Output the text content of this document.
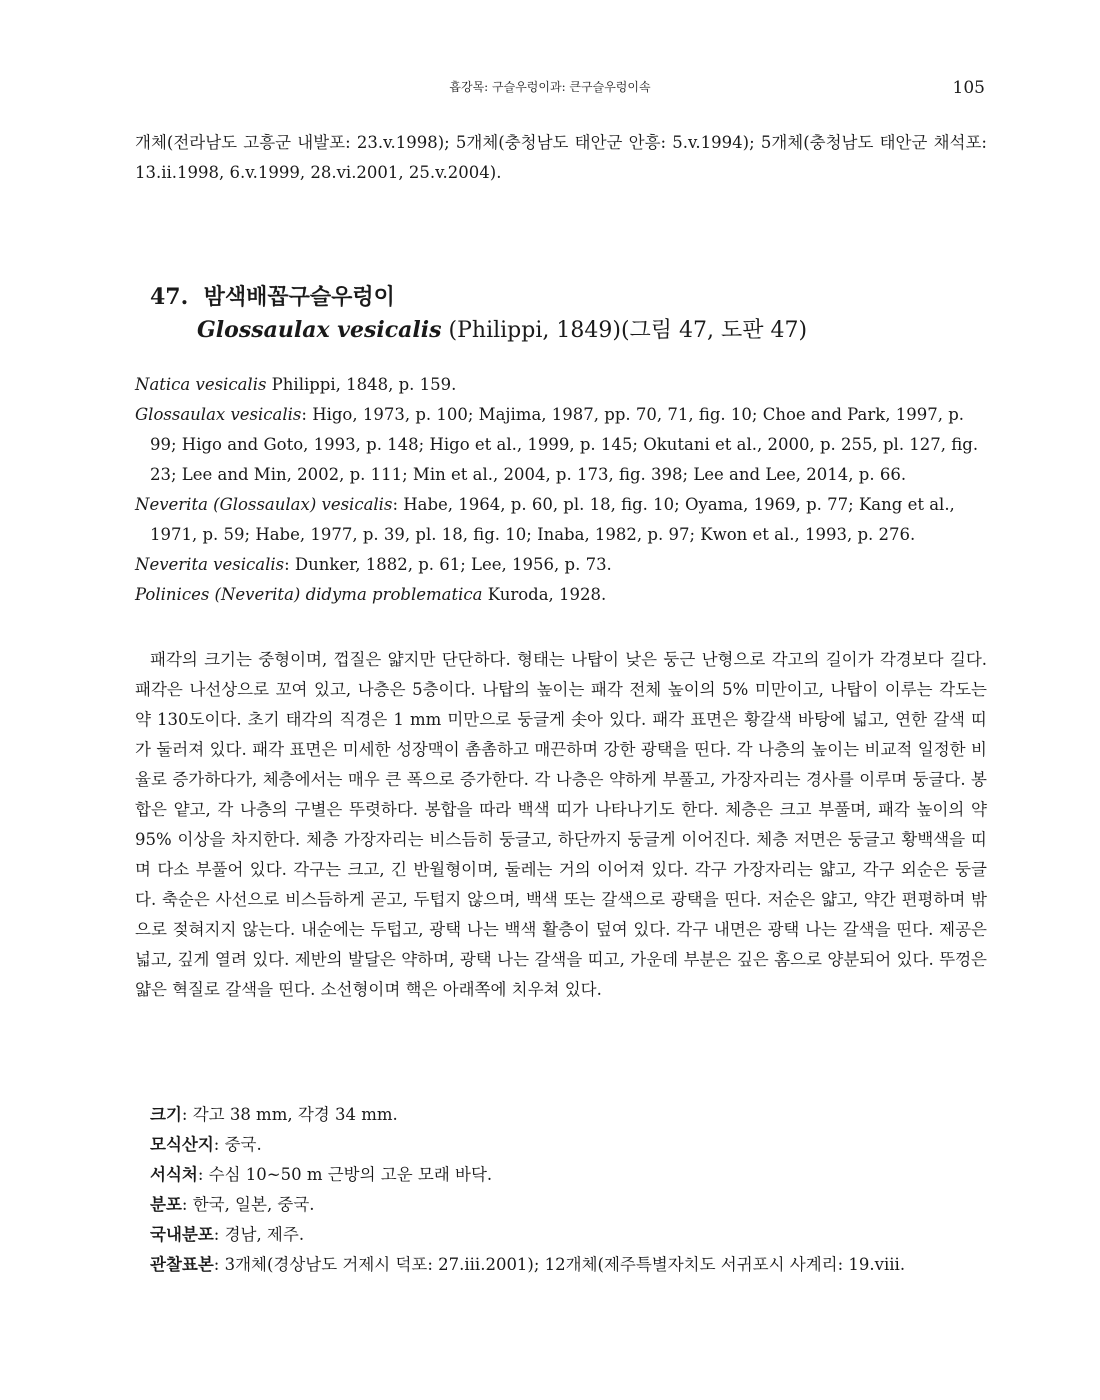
흡강목: 구슬우렁이과: 큰구슬우렁이속	105
개체(전라남도 고흥군 내발포: 23.v.1998); 5개체(충청남도 태안군 안흥: 5.v.1994); 5개체(충청남도 태안군 채석포: 13.ii.1998, 6.v.1999, 28.vi.2001, 25.v.2004).
47. 밤색배꼽구슬우렁이
Glossaulax vesicalis (Philippi, 1849)(그림 47, 도판 47)

Natica vesicalis Philippi, 1848, p. 159.

Glossaulax vesicalis: Higo, 1973, p. 100; Majima, 1987, pp. 70, 71, fig. 10; Choe and Park, 1997, p. 99; Higo and Goto, 1993, p. 148; Higo et al., 1999, p. 145; Okutani et al., 2000, p. 255, pl. 127, fig. 23; Lee and Min, 2002, p. 111; Min et al., 2004, p. 173, fig. 398; Lee and Lee, 2014, p. 66.

Neverita (Glossaulax) vesicalis: Habe, 1964, p. 60, pl. 18, fig. 10; Oyama, 1969, p. 77; Kang et al., 1971, p. 59; Habe, 1977, p. 39, pl. 18, fig. 10; Inaba, 1982, p. 97; Kwon et al., 1993, p. 276.

Neverita vesicalis: Dunker, 1882, p. 61; Lee, 1956, p. 73.

Polinices (Neverita) didyma problematica Kuroda, 1928.

패각의 크기는 중형이며, 껍질은 얇지만 단단하다. 형태는 나탑이 낮은 둥근 난형으로 각고의 길이가 각경보다 길다. 패각은 나선상으로 꼬여 있고, 나층은 5층이다. 나탑의 높이는 패각 전체 높이의 5% 미만이고, 나탑이 이루는 각도는 약 130도이다. 초기 태각의 직경은 1 mm 미만으로 둥글게 솟아 있다. 패각 표면은 황갈색 바탕에 넓고, 연한 갈색 띠가 둘러져 있다. 패각 표면은 미세한 성장맥이 촘촘하고 매끈하며 강한 광택을 띤다. 각 나층의 높이는 비교적 일정한 비율로 증가하다가, 체층에서는 매우 큰 폭으로 증가한다. 각 나층은 약하게 부풀고, 가장자리는 경사를 이루며 둥글다. 봉합은 얕고, 각 나층의 구별은 뚜렷하다. 봉합을 따라 백색 띠가 나타나기도 한다. 체층은 크고 부풀며, 패각 높이의 약 95% 이상을 차지한다. 체층 가장자리는 비스듬히 둥글고, 하단까지 둥글게 이어진다. 체층 저면은 둥글고 황백색을 띠며 다소 부풀어 있다. 각구는 크고, 긴 반월형이며, 둘레는 거의 이어져 있다. 각구 가장자리는 얇고, 각구 외순은 둥글다. 축순은 사선으로 비스듬하게 곧고, 두텁지 않으며, 백색 또는 갈색으로 광택을 띤다. 저순은 얇고, 약간 편평하며 밖으로 젖혀지지 않는다. 내순에는 두텁고, 광택 나는 백색 활층이 덮여 있다. 각구 내면은 광택 나는 갈색을 띤다. 제공은 넓고, 깊게 열려 있다. 제반의 발달은 약하며, 광택 나는 갈색을 띠고, 가운데 부분은 깊은 홈으로 양분되어 있다. 뚜껑은 얇은 혁질로 갈색을 띤다. 소선형이며 핵은 아래쪽에 치우쳐 있다.
크기: 각고 38 mm, 각경 34 mm.
모식산지: 중국.
서식처: 수심 10~50 m 근방의 고운 모래 바닥.
분포: 한국, 일본, 중국.
국내분포: 경남, 제주.
관찰표본: 3개체(경상남도 거제시 덕포: 27.iii.2001); 12개체(제주특별자치도 서귀포시 사계리: 19.viii.
